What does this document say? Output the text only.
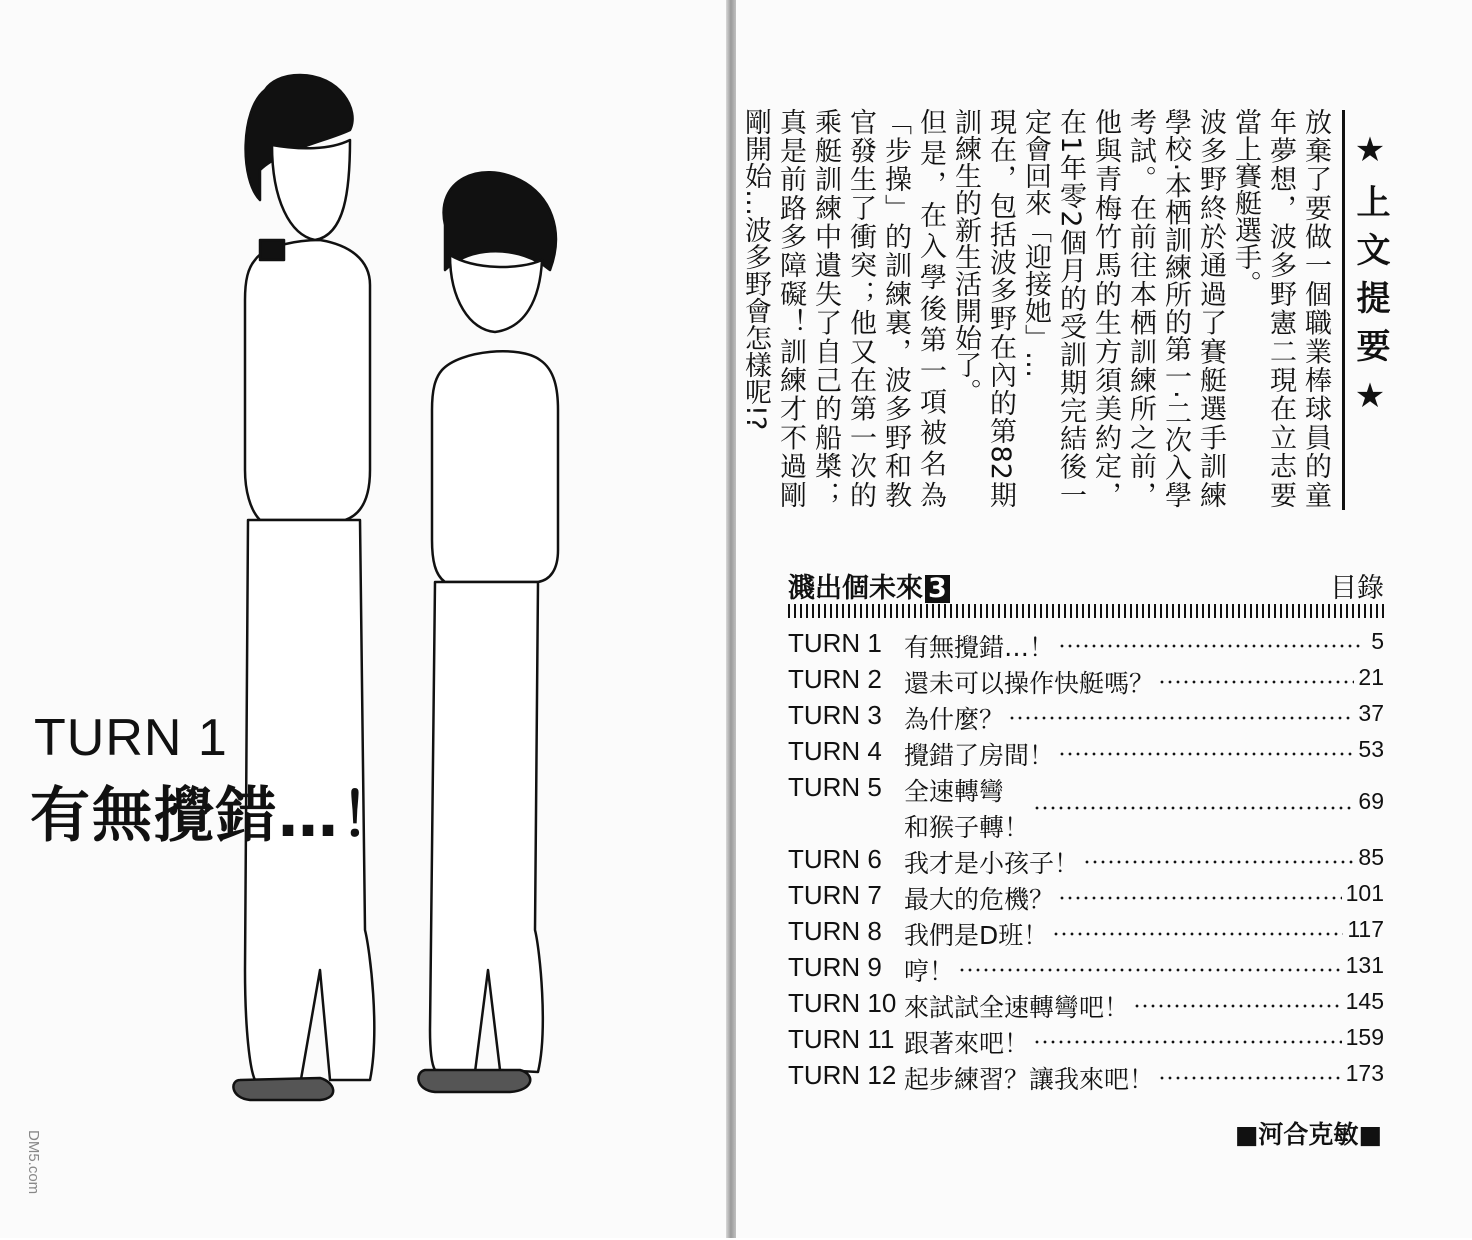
TURN 1
有無攪錯…！
DM5.com
★上文提要★

放棄了要做一個職業棒球員的童年夢想，波多野憲二現在立志要當上賽艇選手。

波多野終於通過了賽艇選手訓練學校‧本栖訓練所的第一‧二次入學考試。在前往本栖訓練所之前，他與青梅竹馬的生方須美約定，在1年零2個月的受訓期完結後一定會回來「迎接她」…

現在，包括波多野在內的第82期訓練生的新生活開始了。

但是，在入學後第一項被名為「步操」的訓練裏，波多野和教官發生了衝突；他又在第一次的乘艇訓練中遺失了自己的船槳；真是前路多障礙！訓練才不過剛剛開始…波多野會怎樣呢!?

濺出個未來 3	目錄
TURN 1 有無攪錯…！	5
TURN 2 還未可以操作快艇嗎？	21
TURN 3 為什麼？	37
TURN 4 攪錯了房間！	53
TURN 5 全速轉彎
和猴子轉！
69
TURN 6 我才是小孩子！	85
TURN 7 最大的危機？	101
TURN 8 我們是D班！	117
TURN 9 哼！	131
TURN 10 來試試全速轉彎吧！	145
TURN 11 跟著來吧！	159
TURN 12 起步練習？讓我來吧！	173
■河合克敏■
